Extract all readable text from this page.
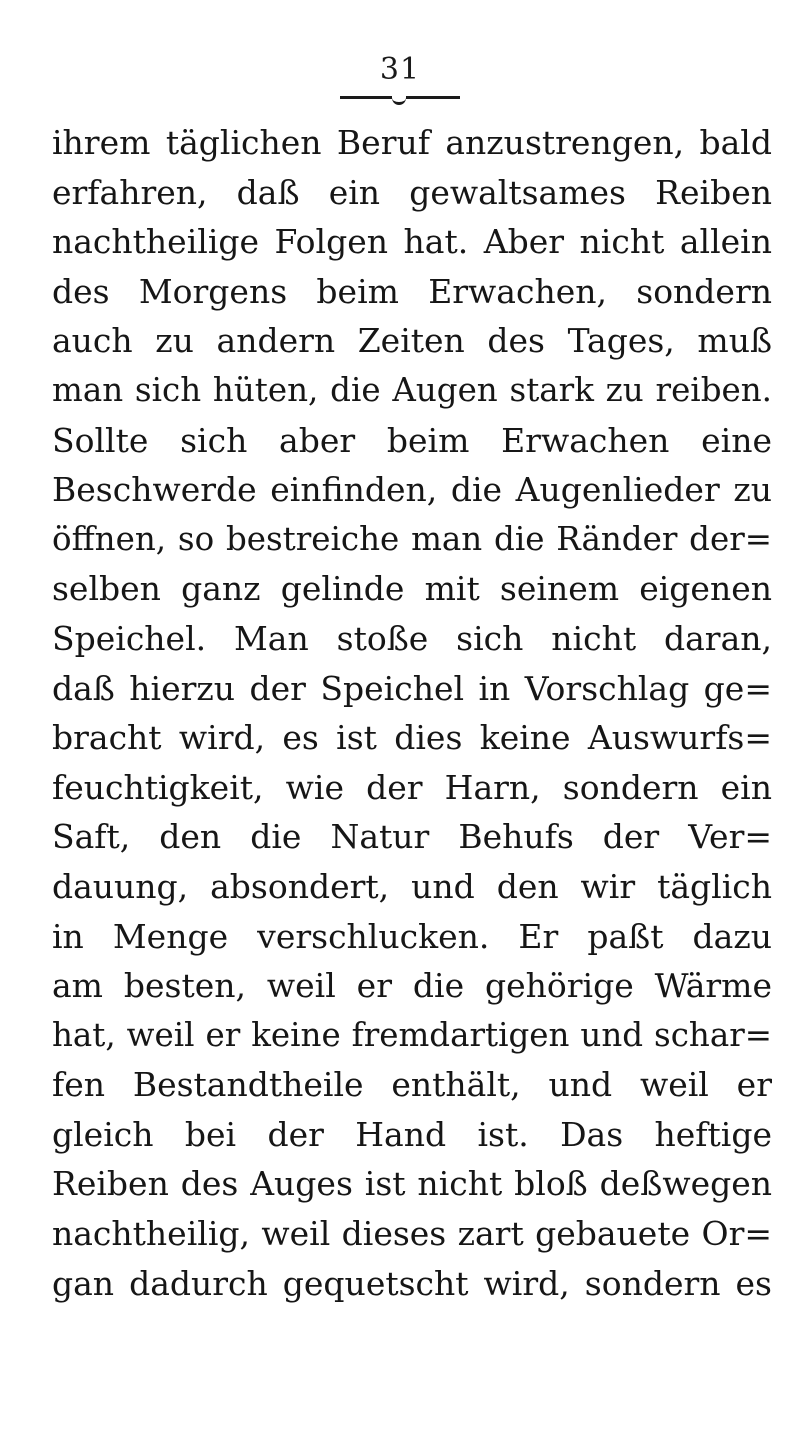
31
ihrem täglichen Beruf anzustrengen, bald
erfahren, daß ein gewaltsames Reiben
nachtheilige Folgen hat. Aber nicht allein
des Morgens beim Erwachen, sondern
auch zu andern Zeiten des Tages, muß
man sich hüten, die Augen stark zu reiben.
Sollte sich aber beim Erwachen eine
Beschwerde einfinden, die Augenlieder zu
öffnen, so bestreiche man die Ränder der=
selben ganz gelinde mit seinem eigenen
Speichel. Man stoße sich nicht daran,
daß hierzu der Speichel in Vorschlag ge=
bracht wird, es ist dies keine Auswurfs=
feuchtigkeit, wie der Harn, sondern ein
Saft, den die Natur Behufs der Ver=
dauung, absondert, und den wir täglich
in Menge verschlucken. Er paßt dazu
am besten, weil er die gehörige Wärme
hat, weil er keine fremdartigen und schar=
fen Bestandtheile enthält, und weil er
gleich bei der Hand ist. Das heftige
Reiben des Auges ist nicht bloß deßwegen
nachtheilig, weil dieses zart gebauete Or=
gan dadurch gequetscht wird, sondern es
